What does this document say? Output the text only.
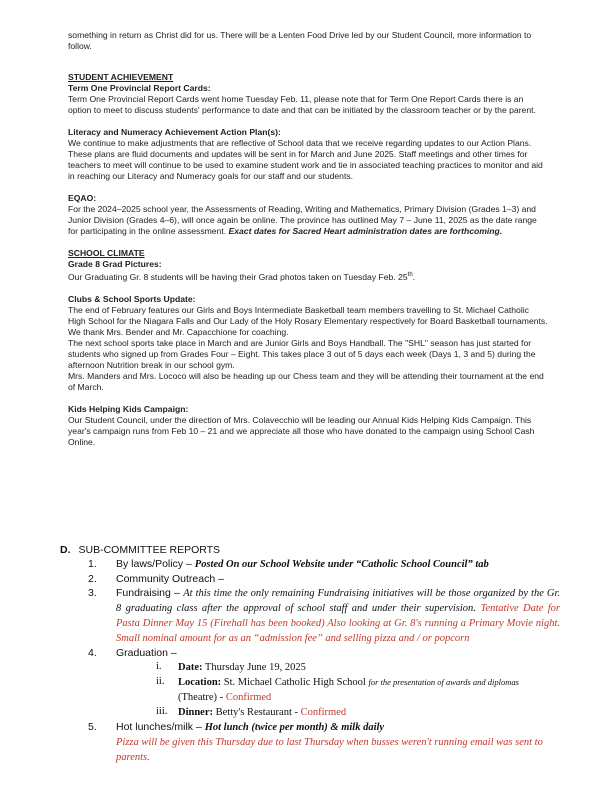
something in return as Christ did for us. There will be a Lenten Food Drive led by our Student Council, more information to follow.

STUDENT ACHIEVEMENT

Term One Provincial Report Cards:

Term One Provincial Report Cards went home Tuesday Feb. 11, please note that for Term One Report Cards there is an option to meet to discuss students' performance to date and that can be initiated by the classroom teacher or by the parent.

Literacy and Numeracy Achievement Action Plan(s):

We continue to make adjustments that are reflective of School data that we receive regarding updates to our Action Plans. These plans are fluid documents and updates will be sent in for March and June 2025. Staff meetings and other times for teachers to meet will continue to be used to examine student work and tie in associated teaching practices to monitor and aid in reaching our Literacy and Numeracy goals for our staff and our students.

EQAO:

For the 2024–2025 school year, the Assessments of Reading, Writing and Mathematics, Primary Division (Grades 1–3) and Junior Division (Grades 4–6), will once again be online. The province has outlined May 7 – June 11, 2025 as the date range for participating in the online assessment. Exact dates for Sacred Heart administration dates are forthcoming.

SCHOOL CLIMATE

Grade 8 Grad Pictures:

Our Graduating Gr. 8 students will be having their Grad photos taken on Tuesday Feb. 25th.

Clubs & School Sports Update:

The end of February features our Girls and Boys Intermediate Basketball team members travelling to St. Michael Catholic High School for the Niagara Falls and Our Lady of the Holy Rosary Elementary respectively for Board Basketball tournaments. We thank Mrs. Bender and Mr. Capacchione for coaching.

The next school sports take place in March and are Junior Girls and Boys Handball. The "SHL" season has just started for students who signed up from Grades Four – Eight. This takes place 3 out of 5 days each week (Days 1, 3 and 5) during the afternoon Nutrition break in our school gym.

Mrs. Manders and Mrs. Lococo will also be heading up our Chess team and they will be attending their tournament at the end of March.

Kids Helping Kids Campaign:

Our Student Council, under the direction of Mrs. Colavecchio will be leading our Annual Kids Helping Kids Campaign. This year's campaign runs from Feb 10 – 21 and we appreciate all those who have donated to the campaign using School Cash Online.

D. SUB-COMMITTEE REPORTS
1. By laws/Policy – Posted On our School Website under “Catholic School Council” tab
2. Community Outreach –
3. Fundraising – At this time the only remaining Fundraising initiatives will be those organized by the Gr. 8 graduating class after the approval of school staff and under their supervision. Tentative Date for Pasta Dinner May 15 (Firehall has been booked) Also looking at Gr. 8's running a Primary Movie night. Small nominal amount for as an “admission fee” and selling pizza and / or popcorn
4. Graduation –
i. Date: Thursday June 19, 2025
ii. Location: St. Michael Catholic High School for the presentation of awards and diplomas (Theatre) - Confirmed
iii. Dinner: Betty's Restaurant - Confirmed
5. Hot lunches/milk – Hot lunch (twice per month) & milk daily
Pizza will be given this Thursday due to last Thursday when busses weren't running email was sent to parents.
